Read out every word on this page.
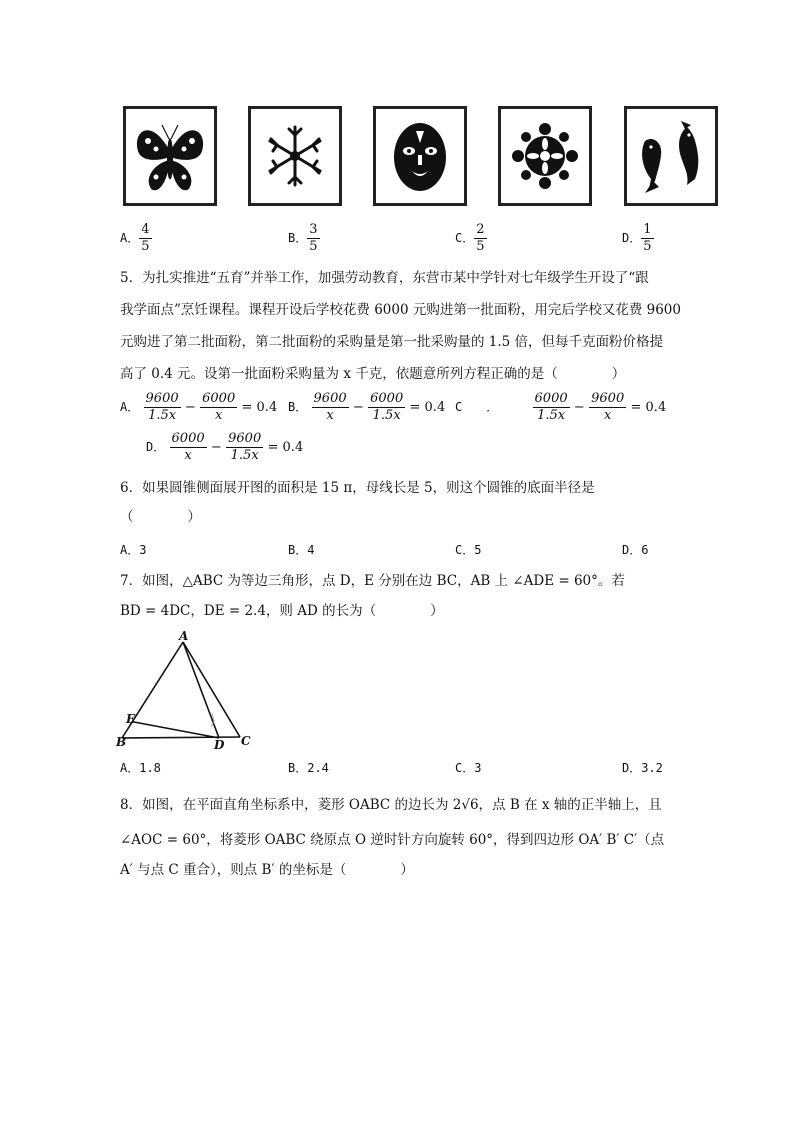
A． $\frac{4}{5}$	B． $\frac{3}{5}$	C． $\frac{2}{5}$	D． $\frac{1}{5}$
5．为扎实推进“五育”并举工作，加强劳动教育，东营市某中学针对七年级学生开设了“跟
我学面点”烹饪课程。课程开设后学校花费 6000 元购进第一批面粉，用完后学校又花费 9600
元购进了第二批面粉，第二批面粉的采购量是第一批采购量的 1.5 倍，但每千克面粉价格提
高了 0.4 元。设第一批面粉采购量为 x 千克，依题意所列方程正确的是（　　　　）
A． $\frac{9600}{1.5x} - \frac{6000}{x} = 0.4$ B． $\frac{9600}{x} - \frac{6000}{1.5x} = 0.4$ C　　．	$\frac{6000}{1.5x} - \frac{9600}{x} = 0.4$
D． $\frac{6000}{x} - \frac{9600}{1.5x} = 0.4$
6．如果圆锥侧面展开图的面积是 15 π，母线长是 5，则这个圆锥的底面半径是
（　　　　）
A．3	B．4	C．5	D．6
7．如图，△ABC 为等边三角形，点 D，E 分别在边 BC，AB 上 ∠ADE = 60°。若
BD = 4DC，DE = 2.4，则 AD 的长为（　　　　）
A
B	C
D
E
A．1.8	B．2.4	C．3	D．3.2
8．如图，在平面直角坐标系中，菱形 OABC 的边长为 2√6，点 B 在 x 轴的正半轴上，且
∠AOC = 60°，将菱形 OABC 绕原点 O 逆时针方向旋转 60°，得到四边形 OA′ B′ C′（点
A′ 与点 C 重合），则点 B′ 的坐标是（　　　　）
